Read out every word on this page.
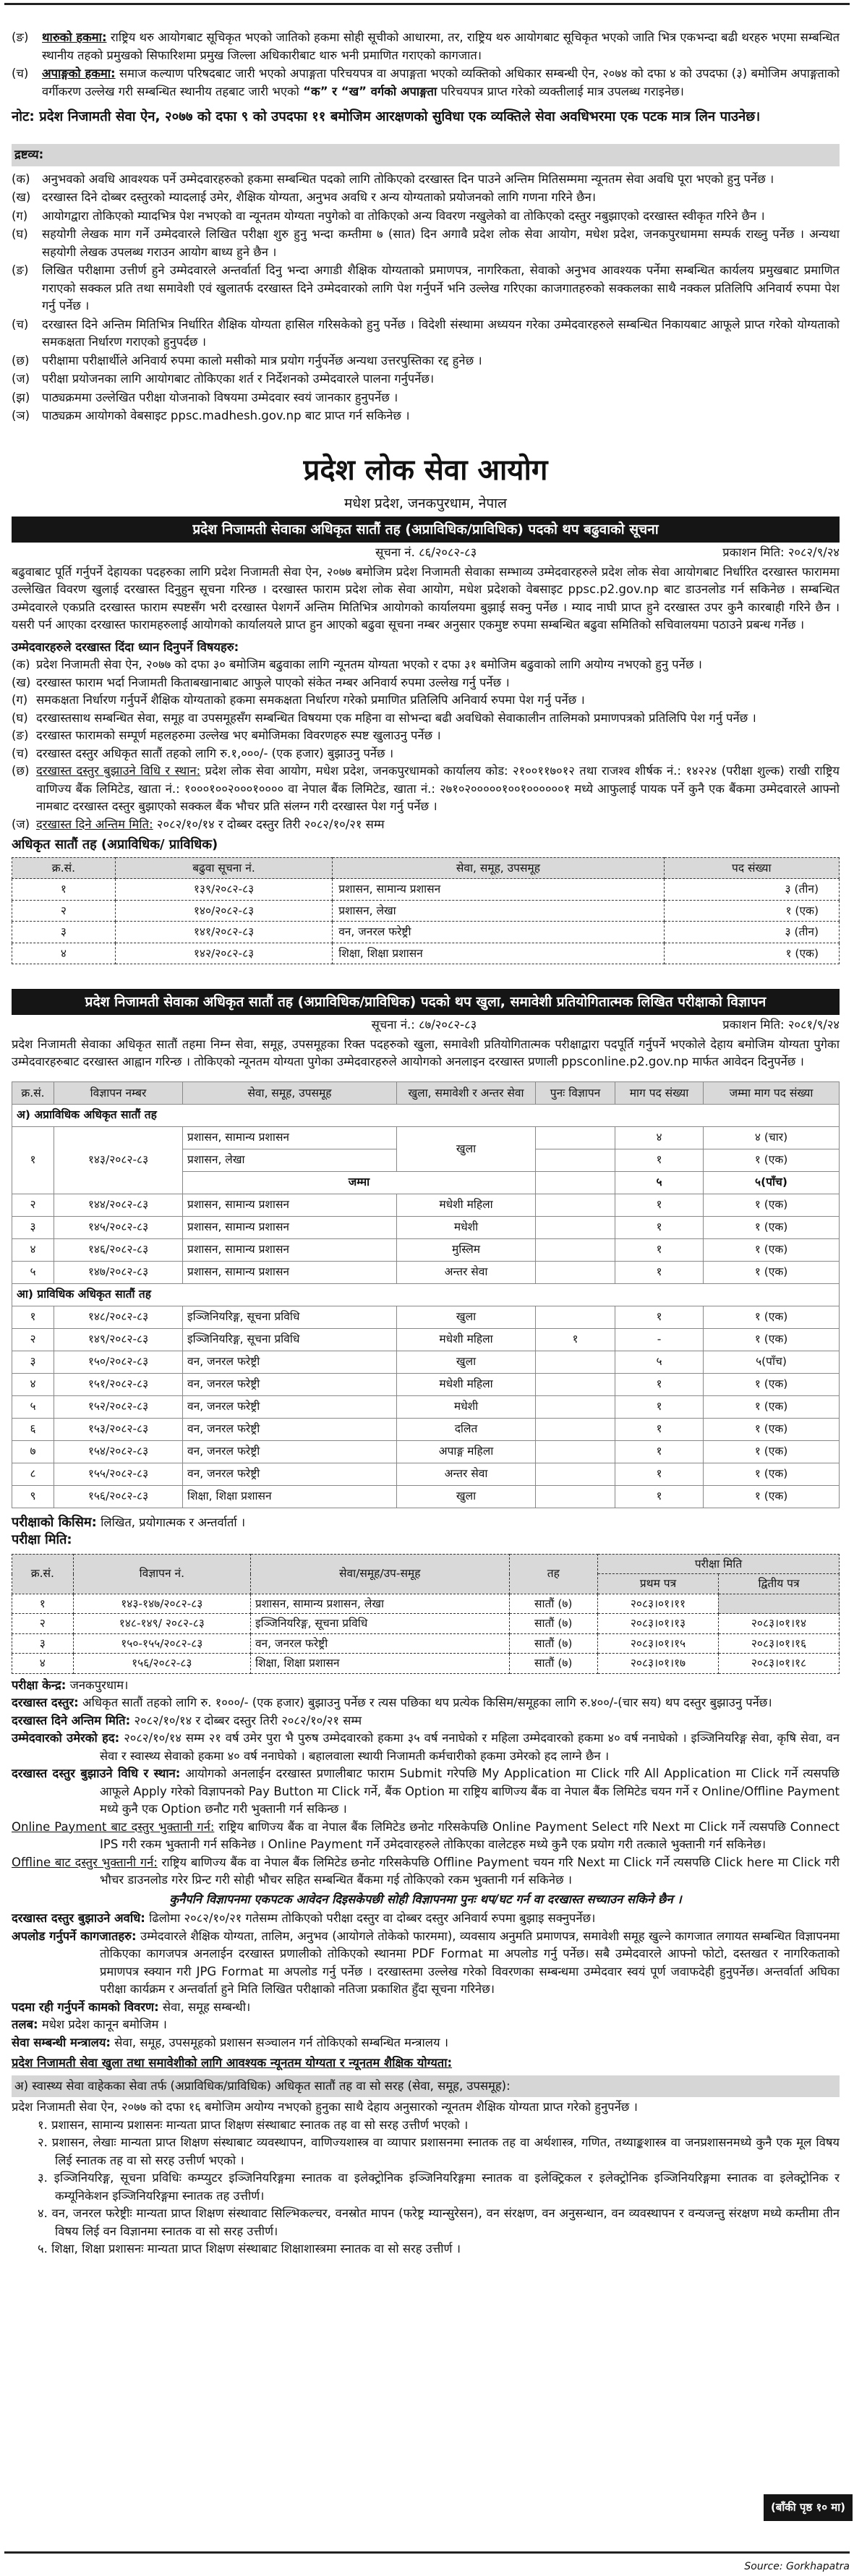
(ङ)	थारुको हकमा: राष्ट्रिय थरु आयोगबाट सूचिकृत भएको जातिको हकमा सोही सूचीको आधारमा, तर, राष्ट्रिय थरु आयोगबाट सूचिकृत भएको जाति भित्र एकभन्दा बढी थरहरु भएमा सम्बन्धित स्थानीय तहको प्रमुखको सिफारिशमा प्रमुख जिल्ला अधिकारीबाट थारु भनी प्रमाणित गराएको कागजात।
(च)	अपाङ्गको हकमा: समाज कल्याण परिषदबाट जारी भएको अपाङ्गता परिचयपत्र वा अपाङ्गता भएको व्यक्तिको अधिकार सम्बन्धी ऐन, २०७४ को दफा ४ को उपदफा (३) बमोजिम अपाङ्गताको वर्गीकरण उल्लेख गरी सम्बन्धित स्थानीय तहबाट जारी भएको “क” र “ख” वर्गको अपाङ्गता परिचयपत्र प्राप्त गरेको व्यक्तीलाई मात्र उपलब्ध गराइनेछ।
नोट: प्रदेश निजामती सेवा ऐन, २०७७ को दफा ९ को उपदफा ११ बमोजिम आरक्षणको सुविधा एक व्यक्तिले सेवा अवधिभरमा एक पटक मात्र लिन पाउनेछ।
द्रष्टव्य:
(क) अनुभवको अवधि आवश्यक पर्ने उम्मेदवारहरुको हकमा सम्बन्धित पदको लागि तोकिएको दरखास्त दिन पाउने अन्तिम मितिसम्ममा न्यूनतम सेवा अवधि पूरा भएको हुनु पर्नेछ ।
(ख) दरखास्त दिने दोब्बर दस्तुरको म्यादलाई उमेर, शैक्षिक योग्यता, अनुभव अवधि र अन्य योग्यताको प्रयोजनको लागि गणना गरिने छैन।
(ग)	आयोगद्वारा तोकिएको म्यादभित्र पेश नभएको वा न्यूनतम योग्यता नपुगेको वा तोकिएको अन्य विवरण नखुलेको वा तोकिएको दस्तुर नबुझाएको दरखास्त स्वीकृत गरिने छैन ।
(घ)	सहयोगी लेखक माग गर्ने उम्मेदवारले लिखित परीक्षा शुरु हुनु भन्दा कम्तीमा ७ (सात) दिन अगावै प्रदेश लोक सेवा आयोग, मधेश प्रदेश, जनकपुरधाममा सम्पर्क राख्नु पर्नेछ । अन्यथा सहयोगी लेखक उपलब्ध गराउन आयोग बाध्य हुने छैन ।
(ङ)	लिखित परीक्षामा उत्तीर्ण हुने उम्मेदवारले अन्तर्वार्ता दिनु भन्दा अगाडी शैक्षिक योग्यताको प्रमाणपत्र, नागरिकता, सेवाको अनुभव आवश्यक पर्नेमा सम्बन्धित कार्यलय प्रमुखबाट प्रमाणित गराएको सक्कल प्रति तथा समावेशी एवं खुलातर्फ दरखास्त दिने उम्मेदवारको लागि पेश गर्नुपर्ने भनि उल्लेख गरिएका काजगातहरुको सक्कलका साथै नक्कल प्रतिलिपि अनिवार्य रुपमा पेश गर्नु पर्नेछ ।
(च)	दरखास्त दिने अन्तिम मितिभित्र निर्धारित शैक्षिक योग्यता हासिल गरिसकेको हुनु पर्नेछ । विदेशी संस्थामा अध्ययन गरेका उम्मेदवारहरुले सम्बन्धित निकायबाट आफूले प्राप्त गरेको योग्यताको समकक्षता निर्धारण गराएको हुनुपर्दछ ।
(छ)	परीक्षामा परीक्षार्थीले अनिवार्य रुपमा कालो मसीको मात्र प्रयोग गर्नुपर्नेछ अन्यथा उत्तरपुस्तिका रद्द हुनेछ ।
(ज)	परीक्षा प्रयोजनका लागि आयोगबाट तोकिएका शर्त र निर्देशनको उम्मेदवारले पालना गर्नुपर्नेछ।
(झ)	पाठ्यक्रममा उल्लेखित परीक्षा योजनाको विषयमा उम्मेदवार स्वयं जानकार हुनुपर्नेछ ।
(ञ)	पाठ्यक्रम आयोगको वेबसाइट ppsc.madhesh.gov.np बाट प्राप्त गर्न सकिनेछ ।
प्रदेश लोक सेवा आयोग
मधेश प्रदेश, जनकपुरधाम, नेपाल
प्रदेश निजामती सेवाका अधिकृत सातौं तह (अप्राविधिक/प्राविधिक) पदको थप बढुवाको सूचना
सूचना नं. ८६/२०८२-८३	प्रकाशन मिति: २०८२/९/२४
बढुवाबाट पूर्ति गर्नुपर्ने देहायका पदहरुका लागि प्रदेश निजामती सेवा ऐन, २०७७ बमोजिम प्रदेश निजामती सेवाका सम्भाव्य उम्मेदवारहरुले प्रदेश लोक सेवा आयोगबाट निर्धारित दरखास्त फाराममा उल्लेखित विवरण खुलाई दरखास्त दिनुहुन सूचना गरिन्छ । दरखास्त फाराम प्रदेश लोक सेवा आयोग, मधेश प्रदेशको वेबसाइट ppsc.p2.gov.np बाट डाउनलोड गर्न सकिनेछ । सम्बन्धित उम्मेदवारले एकप्रति दरखास्त फाराम स्पष्टसँग भरी दरखास्त पेशगर्ने अन्तिम मितिभित्र आयोगको कार्यालयमा बुझाई सक्नु पर्नेछ । म्याद नाघी प्राप्त हुने दरखास्त उपर कुनै कारबाही गरिने छैन । यसरी पर्न आएका दरखास्त फारामहरुलाई आयोगको कार्यालयले प्राप्त हुन आएको बढुवा सूचना नम्बर अनुसार एकमुष्ट रुपमा सम्बन्धित बढुवा समितिको सचिवालयमा पठाउने प्रबन्ध गर्नेछ ।
उम्मेदवारहरुले दरखास्त दिंदा ध्यान दिनुपर्ने विषयहरु:
(क) प्रदेश निजामती सेवा ऐन, २०७७ को दफा ३० बमोजिम बढुवाका लागि न्यूनतम योग्यता भएको र दफा ३१ बमोजिम बढुवाको लागि अयोग्य नभएको हुनु पर्नेछ ।
(ख) दरखास्त फाराम भर्दा निजामती किताबखानाबाट आफुले पाएको संकेत नम्बर अनिवार्य रुपमा उल्लेख गर्नु पर्नेछ ।
(ग) समकक्षता निर्धारण गर्नुपर्ने शैक्षिक योग्यताको हकमा समकक्षता निर्धारण गरेको प्रमाणित प्रतिलिपि अनिवार्य रुपमा पेश गर्नु पर्नेछ ।
(घ) दरखास्तसाथ सम्बन्धित सेवा, समूह वा उपसमूहसँग सम्बन्धित विषयमा एक महिना वा सोभन्दा बढी अवधिको सेवाकालीन तालिमको प्रमाणपत्रको प्रतिलिपि पेश गर्नु पर्नेछ ।
(ङ) दरखास्त फारामको सम्पूर्ण महलहरुमा उल्लेख भए बमोजिमका विवरणहरु स्पष्ट खुलाउनु पर्नेछ ।
(च) दरखास्त दस्तुर अधिकृत सातौं तहको लागि रु.१,०००/- (एक हजार) बुझाउनु पर्नेछ ।
(छ) दरखास्त दस्तुर बुझाउने विधि र स्थान: प्रदेश लोक सेवा आयोग, मधेश प्रदेश, जनकपुरधामको कार्यालय कोड: २१००११७०१२ तथा राजश्व शीर्षक नं.: १४२२४ (परीक्षा शुल्क) राखी राष्ट्रिय वाणिज्य बैंक लिमिटेड, खाता नं.: १०००१००२०००१०००० वा नेपाल बैंक लिमिटेड, खाता नं.: २७१०२०००००१००१००००००१ मध्ये आफुलाई पायक पर्ने कुनै एक बैंकमा उम्मेदवारले आफ्नो नामबाट दरखास्त दस्तुर बुझाएको सक्कल बैंक भौचर प्रति संलग्न गरी दरखास्त पेश गर्नु पर्नेछ ।
(ज) दरखास्त दिने अन्तिम मिति: २०८२/१०/१४ र दोब्बर दस्तुर तिरी २०८२/१०/२१ सम्म
अधिकृत सातौं तह (अप्राविधिक/ प्राविधिक)
क्र.सं.	बढुवा सूचना नं.	सेवा, समूह, उपसमूह	पद संख्या
१	१३९/२०८२-८३	प्रशासन, सामान्य प्रशासन	३ (तीन)
२	१४०/२०८२-८३	प्रशासन, लेखा	१ (एक)
३	१४१/२०८२-८३	वन, जनरल फरेष्ट्री	३ (तीन)
४	१४२/२०८२-८३	शिक्षा, शिक्षा प्रशासन	१ (एक)
प्रदेश निजामती सेवाका अधिकृत सातौं तह (अप्राविधिक/प्राविधिक) पदको थप खुला, समावेशी प्रतियोगितात्मक लिखित परीक्षाको विज्ञापन
सूचना नं.: ८७/२०८२-८३	प्रकाशन मिति: २०८१/९/२४
प्रदेश निजामती सेवाका अधिकृत सातौं तहमा निम्न सेवा, समूह, उपसमूहका रिक्त पदहरुको खुला, समावेशी प्रतियोगितात्मक परीक्षाद्वारा पदपूर्ति गर्नुपर्ने भएकोले देहाय बमोजिम योग्यता पुगेका उम्मेदवारहरुबाट दरखास्त आह्वान गरिन्छ । तोकिएको न्यूनतम योग्यता पुगेका उम्मेदवारहरुले आयोगको अनलाइन दरखास्त प्रणाली ppsconline.p2.gov.np मार्फत आवेदन दिनुपर्नेछ ।
क्र.सं.	विज्ञापन नम्बर	सेवा, समूह, उपसमूह	खुला, समावेशी र अन्तर सेवा	पुनः विज्ञापन	माग पद संख्या	जम्मा माग पद संख्या
अ) अप्राविधिक अधिकृत सातौं तह						
१	१४३/२०८२-८३	प्रशासन, सामान्य प्रशासन	खुला		४	४ (चार)
		प्रशासन, लेखा			१	१ (एक)
		जम्मा			५	५(पाँच)
२	१४४/२०८२-८३	प्रशासन, सामान्य प्रशासन	मधेशी महिला		१	१ (एक)
३	१४५/२०८२-८३	प्रशासन, सामान्य प्रशासन	मधेशी		१	१ (एक)
४	१४६/२०८२-८३	प्रशासन, सामान्य प्रशासन	मुस्लिम		१	१ (एक)
५	१४७/२०८२-८३	प्रशासन, सामान्य प्रशासन	अन्तर सेवा		१	१ (एक)
आ) प्राविधिक अधिकृत सातौं तह						
१	१४८/२०८२-८३	इञ्जिनियरिङ्ग, सूचना प्रविधि	खुला		१	१ (एक)
२	१४९/२०८२-८३	इञ्जिनियरिङ्ग, सूचना प्रविधि	मधेशी महिला	१	-	१ (एक)
३	१५०/२०८२-८३	वन, जनरल फरेष्ट्री	खुला		५	५(पाँच)
४	१५१/२०८२-८३	वन, जनरल फरेष्ट्री	मधेशी महिला		१	१ (एक)
५	१५२/२०८२-८३	वन, जनरल फरेष्ट्री	मधेशी		१	१ (एक)
६	१५३/२०८२-८३	वन, जनरल फरेष्ट्री	दलित		१	१ (एक)
७	१५४/२०८२-८३	वन, जनरल फरेष्ट्री	अपाङ्ग महिला		१	१ (एक)
८	१५५/२०८२-८३	वन, जनरल फरेष्ट्री	अन्तर सेवा		१	१ (एक)
९	१५६/२०८२-८३	शिक्षा, शिक्षा प्रशासन	खुला		१	१ (एक)
परीक्षाको किसिम: लिखित, प्रयोगात्मक र अन्तर्वार्ता ।
परीक्षा मिति:
क्र.सं.	विज्ञापन नं.	सेवा/समूह/उप-समूह	तह	परीक्षा मिति	
				प्रथम पत्र	द्वितीय पत्र
१	१४३-१४७/२०८२-८३	प्रशासन, सामान्य प्रशासन, लेखा	सातौं (७)	२०८३।०१।११	
२	१४८-१४९/ २०८२-८३	इञ्जिनियरिङ्ग, सूचना प्रविधि	सातौं (७)	२०८३।०१।१३	२०८३।०१।१४
३	१५०-१५५/२०८२-८३	वन, जनरल फरेष्ट्री	सातौं (७)	२०८३।०१।१५	२०८३।०१।१६
४	१५६/२०८२-८३	शिक्षा, शिक्षा प्रशासन	सातौं (७)	२०८३।०१।१७	२०८३।०१।१८
परीक्षा केन्द्र: जनकपुरधाम।
दरखास्त दस्तुर: अधिकृत सातौं तहको लागि रु. १०००/- (एक हजार) बुझाउनु पर्नेछ र त्यस पछिका थप प्रत्येक किसिम/समूहका लागि रु.४००/-(चार सय) थप दस्तुर बुझाउनु पर्नेछ।
दरखास्त दिने अन्तिम मिति: २०८२/१०/१४ र दोब्बर दस्तुर तिरी २०८२/१०/२१ सम्म
उम्मेदवारको उमेरको हद: २०८२/१०/१४ सम्म २१ वर्ष उमेर पुरा भै पुरुष उम्मेदवारको हकमा ३५ वर्ष ननाघेको र महिला उम्मेदवारको हकमा ४० वर्ष ननाघेको । इञ्जिनियरिङ्ग सेवा, कृषि सेवा, वन सेवा र स्वास्थ्य सेवाको हकमा ४० वर्ष ननाघेको । बहालवाला स्थायी निजामती कर्मचारीको हकमा उमेरको हद लाग्ने छैन ।
दरखास्त दस्तुर बुझाउने विधि र स्थान: आयोगको अनलाईन दरखास्त प्रणालीबाट फाराम Submit गरेपछि My Application मा Click गरि All Application मा Click गर्ने त्यसपछि आफूले Apply गरेको विज्ञापनको Pay Button मा Click गर्ने, बैंक Option मा राष्ट्रिय बाणिज्य बैंक वा नेपाल बैंक लिमिटेड चयन गर्ने र Online/Offline Payment मध्ये कुनै एक Option छनौट गरी भुक्तानी गर्न सकिन्छ ।
Online Payment बाट दस्तुर भुक्तानी गर्न: राष्ट्रिय बाणिज्य बैंक वा नेपाल बैंक लिमिटेड छनोट गरिसकेपछि Online Payment Select गरि Next मा Click गर्ने त्यसपछि Connect IPS गरी रकम भुक्तानी गर्न सकिनेछ । Online Payment गर्ने उमेदवारहरुले तोकिएका वालेटहरु मध्ये कुनै एक प्रयोग गरी तत्काले भुक्तानी गर्न सकिनेछ।
Offline बाट दस्तुर भुक्तानी गर्न: राष्ट्रिय बाणिज्य बैंक वा नेपाल बैंक लिमिटेड छनोट गरिसकेपछि Offline Payment चयन गरि Next मा Click गर्ने त्यसपछि Click here मा Click गरी भौचर डाउनलोड गरेर प्रिन्ट गरी सोही भौचर सहित सम्बन्धित बैंकमा गई तोकिएको रकम भुक्तानी गर्न सकिनेछ ।
कुनैपनि विज्ञापनमा एकपटक आवेदन दिइसकेपछी सोही विज्ञापनमा पुनः थप/घट गर्न वा दरखास्त सच्याउन सकिने छैन ।
दरखास्त दस्तुर बुझाउने अवधि: ढिलोमा २०८२/१०/२१ गतेसम्म तोकिएको परीक्षा दस्तुर वा दोब्बर दस्तुर अनिवार्य रुपमा बुझाइ सक्नुपर्नेछ।
अपलोड गर्नुपर्ने कागजातहरु: उम्मेदवारले शैक्षिक योग्यता, तालिम, अनुभव (आयोगले तोकेको फारममा), व्यवसाय अनुमति प्रमाणपत्र, समावेशी समूह खुल्ने कागजात लगायत सम्बन्धित विज्ञापनमा तोकिएका कागजपत्र अनलाईन दरखास्त प्रणालीको तोकिएको स्थानमा PDF Format मा अपलोड गर्नु पर्नेछ। सबै उम्मेदवारले आफ्नो फोटो, दस्तखत र नागरिकताको प्रमाणपत्र स्क्यान गरी JPG Format मा अपलोड गर्नु पर्नेछ । दरखास्तमा उल्लेख गरेको विवरणका सम्बन्धमा उम्मेदवार स्वयं पूर्ण जवाफदेही हुनुपर्नेछ। अन्तर्वार्ता अघिका परीक्षा कार्यक्रम र अन्तर्वार्ता हुने मिति लिखित परीक्षाको नतिजा प्रकाशित हुँदा सूचना गरिनेछ।
पदमा रही गर्नुपर्ने कामको विवरण: सेवा, समूह सम्बन्धी।
तलब: मधेश प्रदेश कानून बमोजिम ।
सेवा सम्बन्धी मन्त्रालय: सेवा, समूह, उपसमूहको प्रशासन सञ्चालन गर्न तोकिएको सम्बन्धित मन्त्रालय ।
प्रदेश निजामती सेवा खुला तथा समावेशीको लागि आवश्यक न्यूनतम योग्यता र न्यूनतम शैक्षिक योग्यता:
अ) स्वास्थ्य सेवा वाहेकका सेवा तर्फ (अप्राविधिक/प्राविधिक) अधिकृत सातौं तह वा सो सरह (सेवा, समूह, उपसमूह):
प्रदेश निजामती सेवा ऐन, २०७७ को दफा १६ बमोजिम अयोग्य नभएको हुनुका साथै देहाय अनुसारको न्यूनतम शैक्षिक योग्यता प्राप्त गरेको हुनुपर्नेछ ।
१. प्रशासन, सामान्य प्रशासनः मान्यता प्राप्त शिक्षण संस्थाबाट स्नातक तह वा सो सरह उत्तीर्ण भएको ।
२. प्रशासन, लेखाः मान्यता प्राप्त शिक्षण संस्थाबाट व्यवस्थापन, वाणिज्यशास्त्र वा व्यापार प्रशासनमा स्नातक तह वा अर्थशास्त्र, गणित, तथ्याङ्कशास्त्र वा जनप्रशासनमध्ये कुनै एक मूल विषय लिई स्नातक तह वा सो सरह उत्तीर्ण भएको ।
३. इञ्जिनियरिङ्ग, सूचना प्रविधिः कम्प्युटर इञ्जिनियरिङ्गमा स्नातक वा इलेक्ट्रोनिक इञ्जिनियरिङ्गमा स्नातक वा इलेक्ट्रिकल र इलेक्ट्रोनिक इञ्जिनियरिङ्गमा स्नातक वा इलेक्ट्रोनिक र कम्यूनिकेशन इञ्जिनियरिङ्गमा स्नातक तह उत्तीर्ण।
४. वन, जनरल फरेष्ट्रीः मान्यता प्राप्त शिक्षण संस्थावाट सिल्भिकल्चर, वनस्रोत मापन (फरेष्ट्र म्यान्सुरेसन), वन संरक्षण, वन अनुसन्धान, वन व्यवस्थापन र वन्यजन्तु संरक्षण मध्ये कम्तीमा तीन विषय लिई वन विज्ञानमा स्नातक वा सो सरह उत्तीर्ण।
५. शिक्षा, शिक्षा प्रशासनः मान्यता प्राप्त शिक्षण संस्थाबाट शिक्षाशास्त्रमा स्नातक वा सो सरह उत्तीर्ण ।
(बाँकी पृष्ठ १० मा)
Source: Gorkhapatra
